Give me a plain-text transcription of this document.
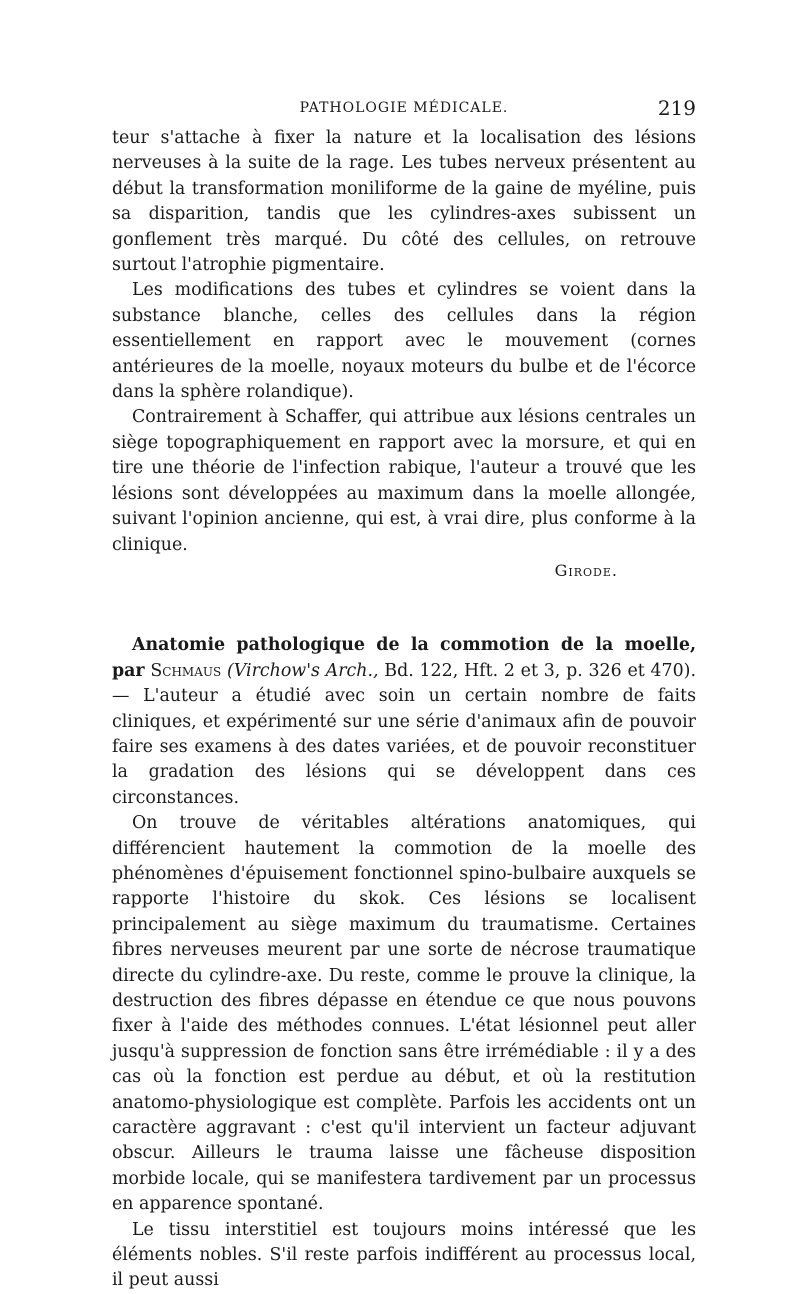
PATHOLOGIE MÉDICALE.	219

teur s'attache à fixer la nature et la localisation des lésions nerveuses à la suite de la rage. Les tubes nerveux présentent au début la transformation moniliforme de la gaine de myéline, puis sa disparition, tandis que les cylindres-axes subissent un gonflement très marqué. Du côté des cellules, on retrouve surtout l'atrophie pigmentaire.

Les modifications des tubes et cylindres se voient dans la substance blanche, celles des cellules dans la région essentiellement en rapport avec le mouvement (cornes antérieures de la moelle, noyaux moteurs du bulbe et de l'écorce dans la sphère rolandique).

Contrairement à Schaffer, qui attribue aux lésions centrales un siège topographiquement en rapport avec la morsure, et qui en tire une théorie de l'infection rabique, l'auteur a trouvé que les lésions sont développées au maximum dans la moelle allongée, suivant l'opinion ancienne, qui est, à vrai dire, plus conforme à la clinique.

Girode.

Anatomie pathologique de la commotion de la moelle, par Schmaus (Virchow's Arch., Bd. 122, Hft. 2 et 3, p. 326 et 470). — L'auteur a étudié avec soin un certain nombre de faits cliniques, et expérimenté sur une série d'animaux afin de pouvoir faire ses examens à des dates variées, et de pouvoir reconstituer la gradation des lésions qui se développent dans ces circonstances.

On trouve de véritables altérations anatomiques, qui différencient hautement la commotion de la moelle des phénomènes d'épuisement fonctionnel spino-bulbaire auxquels se rapporte l'histoire du skok. Ces lésions se localisent principalement au siège maximum du traumatisme. Certaines fibres nerveuses meurent par une sorte de nécrose traumatique directe du cylindre-axe. Du reste, comme le prouve la clinique, la destruction des fibres dépasse en étendue ce que nous pouvons fixer à l'aide des méthodes connues. L'état lésionnel peut aller jusqu'à suppression de fonction sans être irrémédiable : il y a des cas où la fonction est perdue au début, et où la restitution anatomo-physiologique est complète. Parfois les accidents ont un caractère aggravant : c'est qu'il intervient un facteur adjuvant obscur. Ailleurs le trauma laisse une fâcheuse disposition morbide locale, qui se manifestera tardivement par un processus en apparence spontané.

Le tissu interstitiel est toujours moins intéressé que les éléments nobles. S'il reste parfois indifférent au processus local, il peut aussi
